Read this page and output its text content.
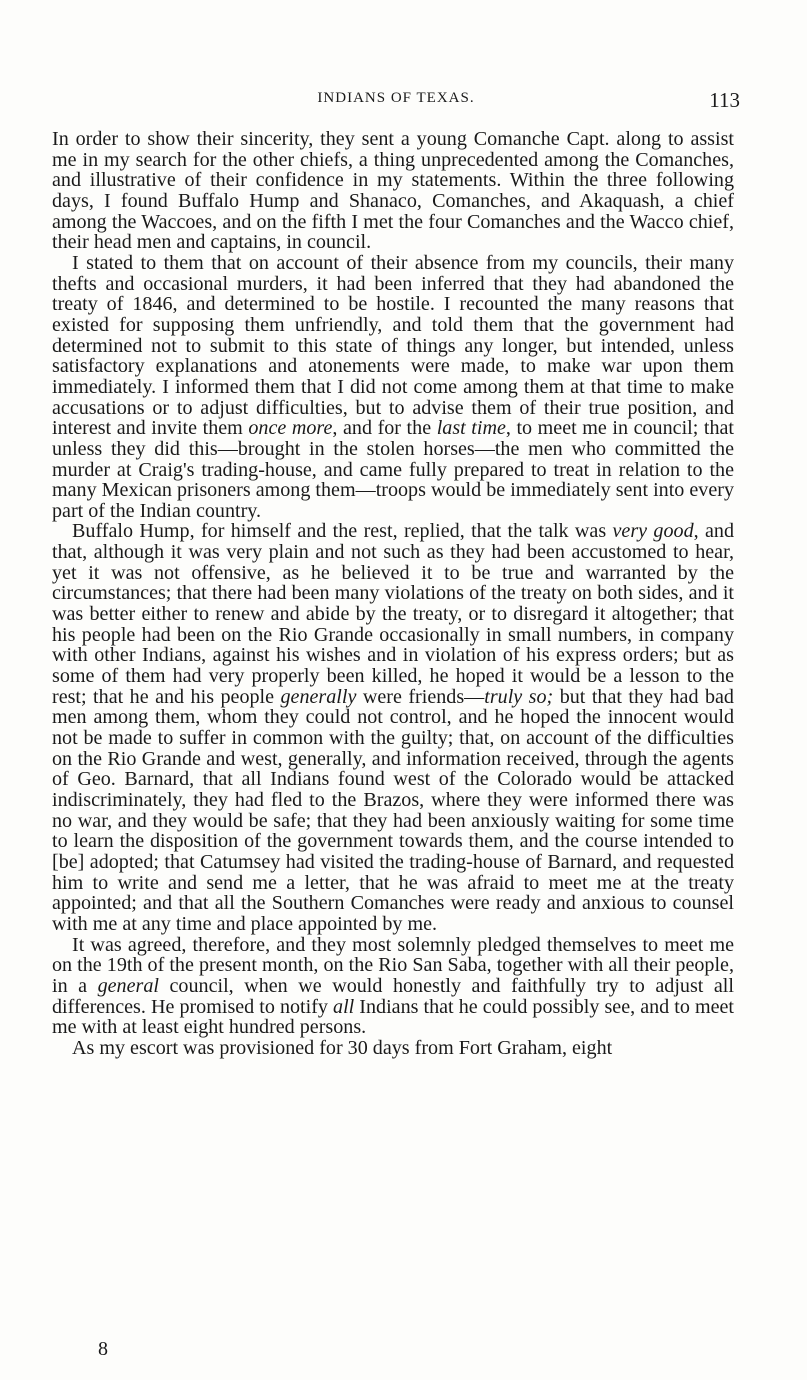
INDIANS OF TEXAS.	113

In order to show their sincerity, they sent a young Comanche Capt. along to assist me in my search for the other chiefs, a thing unprecedented among the Comanches, and illustrative of their confidence in my statements. Within the three following days, I found Buffalo Hump and Shanaco, Comanches, and Akaquash, a chief among the Waccoes, and on the fifth I met the four Comanches and the Wacco chief, their head men and captains, in council.

I stated to them that on account of their absence from my councils, their many thefts and occasional murders, it had been inferred that they had abandoned the treaty of 1846, and determined to be hostile. I recounted the many reasons that existed for supposing them unfriendly, and told them that the government had determined not to submit to this state of things any longer, but intended, unless satisfactory explanations and atonements were made, to make war upon them immediately. I informed them that I did not come among them at that time to make accusations or to adjust difficulties, but to advise them of their true position, and interest and invite them once more, and for the last time, to meet me in council; that unless they did this—brought in the stolen horses—the men who committed the murder at Craig's trading-house, and came fully prepared to treat in relation to the many Mexican prisoners among them—troops would be immediately sent into every part of the Indian country.

Buffalo Hump, for himself and the rest, replied, that the talk was very good, and that, although it was very plain and not such as they had been accustomed to hear, yet it was not offensive, as he believed it to be true and warranted by the circumstances; that there had been many violations of the treaty on both sides, and it was better either to renew and abide by the treaty, or to disregard it altogether; that his people had been on the Rio Grande occasionally in small numbers, in company with other Indians, against his wishes and in violation of his express orders; but as some of them had very properly been killed, he hoped it would be a lesson to the rest; that he and his people generally were friends—truly so; but that they had bad men among them, whom they could not control, and he hoped the innocent would not be made to suffer in common with the guilty; that, on account of the difficulties on the Rio Grande and west, generally, and information received, through the agents of Geo. Barnard, that all Indians found west of the Colorado would be attacked indiscriminately, they had fled to the Brazos, where they were informed there was no war, and they would be safe; that they had been anxiously waiting for some time to learn the disposition of the government towards them, and the course intended to [be] adopted; that Catumsey had visited the trading-house of Barnard, and requested him to write and send me a letter, that he was afraid to meet me at the treaty appointed; and that all the Southern Comanches were ready and anxious to counsel with me at any time and place appointed by me.

It was agreed, therefore, and they most solemnly pledged themselves to meet me on the 19th of the present month, on the Rio San Saba, together with all their people, in a general council, when we would honestly and faithfully try to adjust all differences. He promised to notify all Indians that he could possibly see, and to meet me with at least eight hundred persons.

As my escort was provisioned for 30 days from Fort Graham, eight

8
